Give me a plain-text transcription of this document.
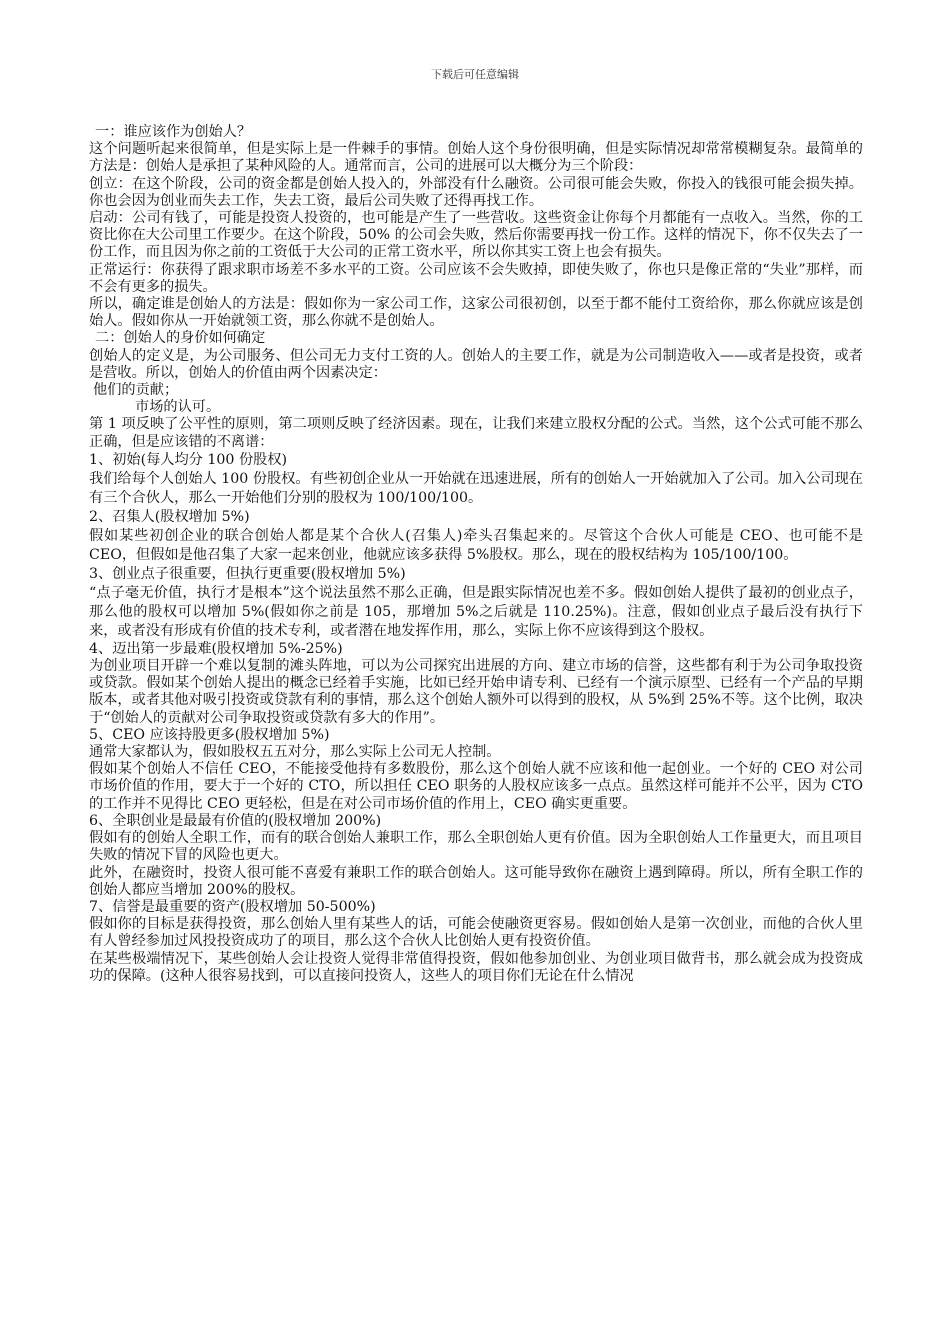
下载后可任意编辑

一：谁应该作为创始人？

这个问题听起来很简单，但是实际上是一件棘手的事情。创始人这个身份很明确，但是实际情况却常常模糊复杂。最简单的方法是：创始人是承担了某种风险的人。通常而言，公司的进展可以大概分为三个阶段：

创立：在这个阶段，公司的资金都是创始人投入的，外部没有什么融资。公司很可能会失败，你投入的钱很可能会损失掉。你也会因为创业而失去工作，失去工资，最后公司失败了还得再找工作。

启动：公司有钱了，可能是投资人投资的，也可能是产生了一些营收。这些资金让你每个月都能有一点收入。当然，你的工资比你在大公司里工作要少。在这个阶段，50% 的公司会失败，然后你需要再找一份工作。这样的情况下，你不仅失去了一份工作，而且因为你之前的工资低于大公司的正常工资水平，所以你其实工资上也会有损失。

正常运行：你获得了跟求职市场差不多水平的工资。公司应该不会失败掉，即使失败了，你也只是像正常的“失业”那样，而不会有更多的损失。

所以，确定谁是创始人的方法是：假如你为一家公司工作，这家公司很初创，以至于都不能付工资给你，那么你就应该是创始人。假如你从一开始就领工资，那么你就不是创始人。

二：创始人的身价如何确定

创始人的定义是，为公司服务、但公司无力支付工资的人。创始人的主要工作，就是为公司制造收入——或者是投资，或者是营收。所以，创始人的价值由两个因素决定：

他们的贡献；

市场的认可。

第 1 项反映了公平性的原则，第二项则反映了经济因素。现在，让我们来建立股权分配的公式。当然，这个公式可能不那么正确，但是应该错的不离谱：

1、初始(每人均分 100 份股权)

我们给每个人创始人 100 份股权。有些初创企业从一开始就在迅速进展，所有的创始人一开始就加入了公司。加入公司现在有三个合伙人，那么一开始他们分别的股权为 100/100/100。

2、召集人(股权增加 5%)

假如某些初创企业的联合创始人都是某个合伙人(召集人)牵头召集起来的。尽管这个合伙人可能是 CEO、也可能不是 CEO，但假如是他召集了大家一起来创业，他就应该多获得 5%股权。那么，现在的股权结构为 105/100/100。

3、创业点子很重要，但执行更重要(股权增加 5%)

“点子毫无价值，执行才是根本”这个说法虽然不那么正确，但是跟实际情况也差不多。假如创始人提供了最初的创业点子，那么他的股权可以增加 5%(假如你之前是 105，那增加 5%之后就是 110.25%)。注意，假如创业点子最后没有执行下来，或者没有形成有价值的技术专利，或者潜在地发挥作用，那么，实际上你不应该得到这个股权。

4、迈出第一步最难(股权增加 5%-25%)

为创业项目开辟一个难以复制的滩头阵地，可以为公司探究出进展的方向、建立市场的信誉，这些都有利于为公司争取投资或贷款。假如某个创始人提出的概念已经着手实施，比如已经开始申请专利、已经有一个演示原型、已经有一个产品的早期版本，或者其他对吸引投资或贷款有利的事情，那么这个创始人额外可以得到的股权，从 5%到 25%不等。这个比例，取决于“创始人的贡献对公司争取投资或贷款有多大的作用”。

5、CEO 应该持股更多(股权增加 5%)

通常大家都认为，假如股权五五对分，那么实际上公司无人控制。

假如某个创始人不信任 CEO，不能接受他持有多数股份，那么这个创始人就不应该和他一起创业。一个好的 CEO 对公司市场价值的作用，要大于一个好的 CTO，所以担任 CEO 职务的人股权应该多一点点。虽然这样可能并不公平，因为 CTO 的工作并不见得比 CEO 更轻松，但是在对公司市场价值的作用上，CEO 确实更重要。

6、全职创业是最最有价值的(股权增加 200%)

假如有的创始人全职工作，而有的联合创始人兼职工作，那么全职创始人更有价值。因为全职创始人工作量更大，而且项目失败的情况下冒的风险也更大。

此外，在融资时，投资人很可能不喜爱有兼职工作的联合创始人。这可能导致你在融资上遇到障碍。所以，所有全职工作的创始人都应当增加 200%的股权。

7、信誉是最重要的资产(股权增加 50-500%)

假如你的目标是获得投资，那么创始人里有某些人的话，可能会使融资更容易。假如创始人是第一次创业，而他的合伙人里有人曾经参加过风投投资成功了的项目，那么这个合伙人比创始人更有投资价值。

在某些极端情况下，某些创始人会让投资人觉得非常值得投资，假如他参加创业、为创业项目做背书，那么就会成为投资成功的保障。(这种人很容易找到，可以直接问投资人，这些人的项目你们无论在什么情况
